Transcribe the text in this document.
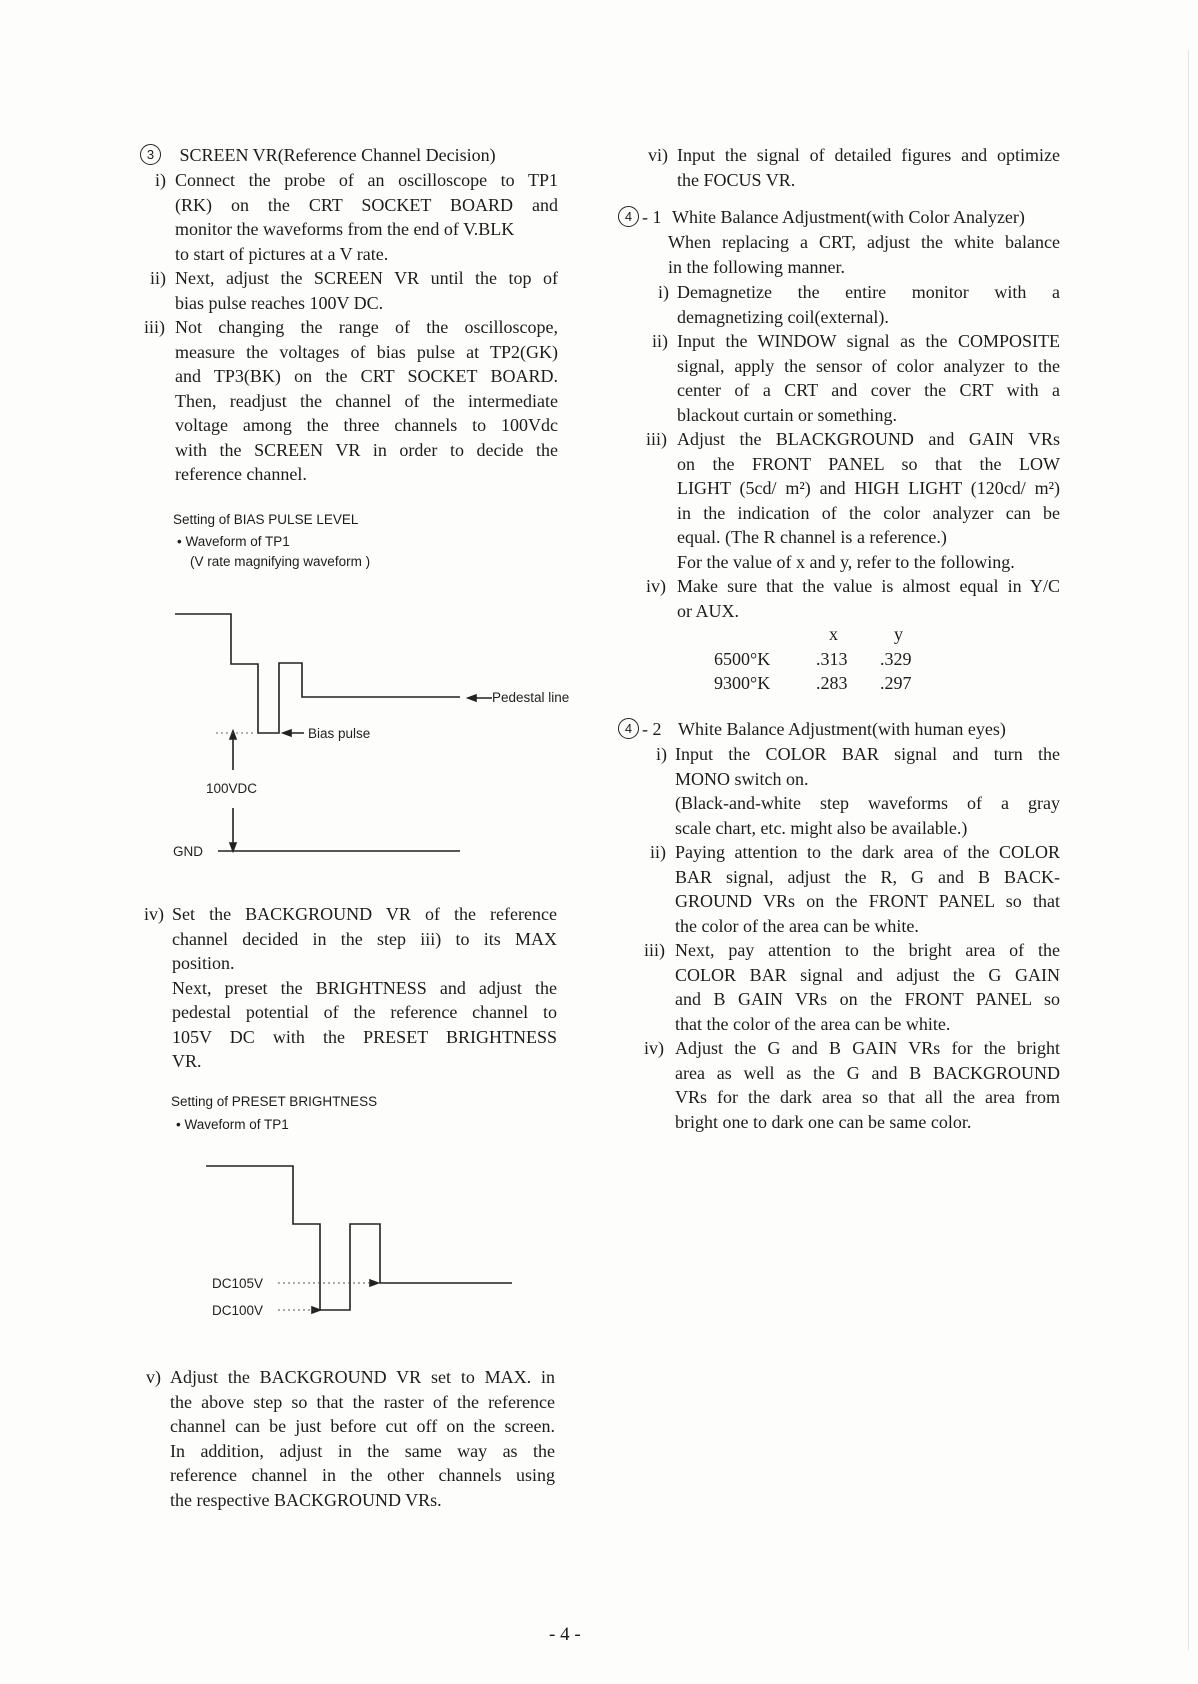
3 SCREEN VR(Reference Channel Decision)
i) Connect the probe of an oscilloscope to TP1
(RK) on the CRT SOCKET BOARD and
monitor the waveforms from the end of V.BLK
to start of pictures at a V rate.
ii) Next, adjust the SCREEN VR until the top of
bias pulse reaches 100V DC.
iii) Not changing the range of the oscilloscope,
measure the voltages of bias pulse at TP2(GK)
and TP3(BK) on the CRT SOCKET BOARD.
Then, readjust the channel of the intermediate
voltage among the three channels to 100Vdc
with the SCREEN VR in order to decide the
reference channel.
Setting of BIAS PULSE LEVEL
• Waveform of TP1
(V rate magnifying waveform )
Pedestal line
Bias pulse
100VDC
GND
DC105V
DC100V
iv) Set the BACKGROUND VR of the reference
channel decided in the step iii) to its MAX
position.
Next, preset the BRIGHTNESS and adjust the
pedestal potential of the reference channel to
105V DC with the PRESET BRIGHTNESS
VR.
Setting of PRESET BRIGHTNESS
• Waveform of TP1
v) Adjust the BACKGROUND VR set to MAX. in
the above step so that the raster of the reference
channel can be just before cut off on the screen.
In addition, adjust in the same way as the
reference channel in the other channels using
the respective BACKGROUND VRs.
vi) Input the signal of detailed figures and optimize
the FOCUS VR.
4 - 1 White Balance Adjustment(with Color Analyzer)
When replacing a CRT, adjust the white balance
in the following manner.
i) Demagnetize the entire monitor with a
demagnetizing coil(external).
ii) Input the WINDOW signal as the COMPOSITE
signal, apply the sensor of color analyzer to the
center of a CRT and cover the CRT with a
blackout curtain or something.
iii) Adjust the BLACKGROUND and GAIN VRs
on the FRONT PANEL so that the LOW
LIGHT (5cd/ m²) and HIGH LIGHT (120cd/ m²)
in the indication of the color analyzer can be
equal. (The R channel is a reference.)
For the value of x and y, refer to the following.
iv) Make sure that the value is almost equal in Y/C
or AUX.
x	y
6500°K	.313 .329
9300°K	.283 .297
4 - 2 White Balance Adjustment(with human eyes)
i) Input the COLOR BAR signal and turn the
MONO switch on.
(Black-and-white step waveforms of a gray
scale chart, etc. might also be available.)
ii) Paying attention to the dark area of the COLOR
BAR signal, adjust the R, G and B BACK-
GROUND VRs on the FRONT PANEL so that
the color of the area can be white.
iii) Next, pay attention to the bright area of the
COLOR BAR signal and adjust the G GAIN
and B GAIN VRs on the FRONT PANEL so
that the color of the area can be white.
iv) Adjust the G and B GAIN VRs for the bright
area as well as the G and B BACKGROUND
VRs for the dark area so that all the area from
bright one to dark one can be same color.
- 4 -
